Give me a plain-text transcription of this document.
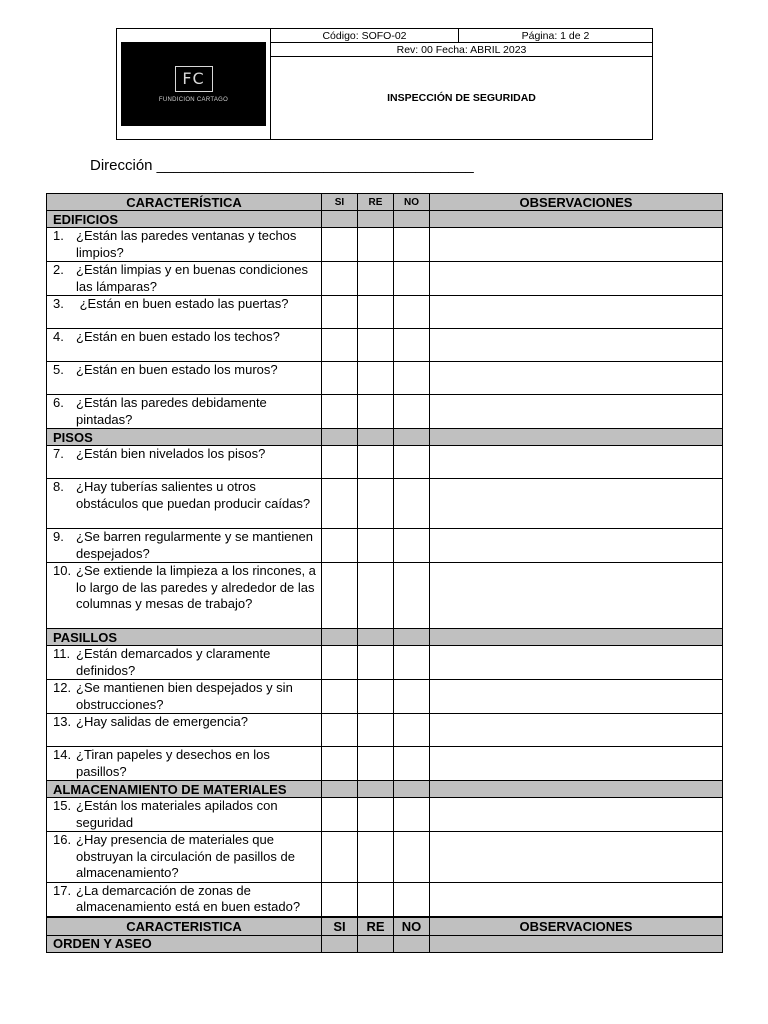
FC
FUNDICION CARTAGO
	Código: SOFO-02	Página: 1 de 2
Rev: 00 Fecha: ABRIL 2023
INSPECCIÓN DE SEGURIDAD
Dirección ______________________________________
CARACTERÍSTICA	SI	RE	NO	OBSERVACIONES
EDIFICIOS				

1. ¿Están las paredes ventanas y techos limpios?				

2. ¿Están limpias y en buenas condiciones las lámparas?				

3. ¿Están en buen estado las puertas?				

4. ¿Están en buen estado los techos?				

5. ¿Están en buen estado los muros?				

6. ¿Están las paredes debidamente pintadas?				

PISOS				

7. ¿Están bien nivelados los pisos?				

8. ¿Hay tuberías salientes u otros obstáculos que puedan producir caídas?				

9. ¿Se barren regularmente y se mantienen despejados?				

10. ¿Se extiende la limpieza a los rincones, a lo largo de las paredes y alrededor de las columnas y mesas de trabajo?				

PASILLOS				

11. ¿Están demarcados y claramente definidos?				

12. ¿Se mantienen bien despejados y sin obstrucciones?				

13. ¿Hay salidas de emergencia?				

14. ¿Tiran papeles y desechos en los pasillos?				

ALMACENAMIENTO DE MATERIALES				

15. ¿Están los materiales apilados con seguridad				

16. ¿Hay presencia de materiales que obstruyan la circulación de pasillos de almacenamiento?				

17. ¿La demarcación de zonas de almacenamiento está en buen estado?				

CARACTERISTICA	SI	RE	NO	OBSERVACIONES
ORDEN Y ASEO				
